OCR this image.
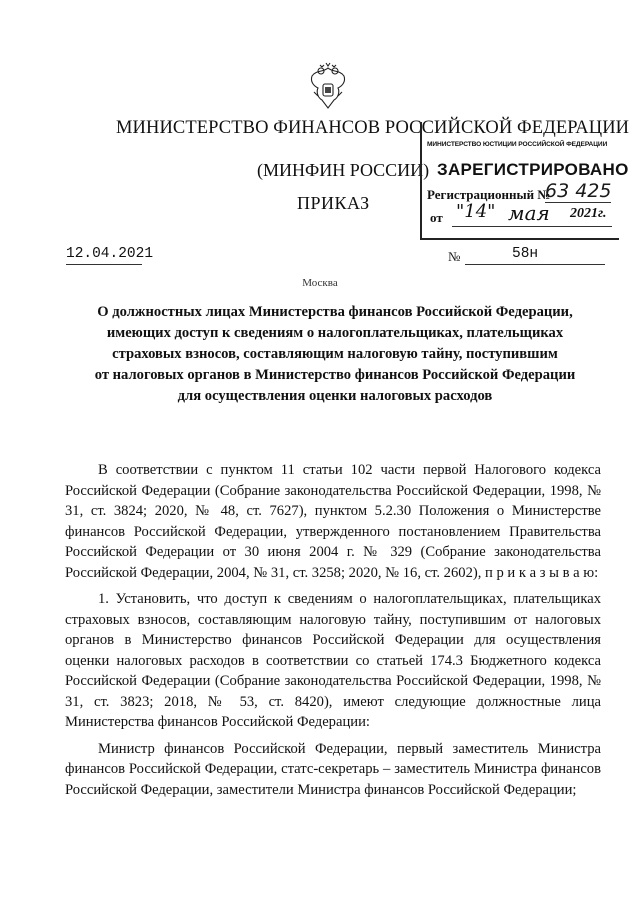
МИНИСТЕРСТВО ФИНАНСОВ РОССИЙСКОЙ ФЕДЕРАЦИИ
(МИНФИН РОССИИ)
ПРИКАЗ
МИНИСТЕРСТВО ЮСТИЦИИ РОССИЙСКОЙ ФЕДЕРАЦИИ
ЗАРЕГИСТРИРОВАНО
Регистрационный №
63 425
от "14" мая 2021г.
12.04.2021	№	58н
Москва
О должностных лицах Министерства финансов Российской Федерации,
имеющих доступ к сведениям о налогоплательщиках, плательщиках
страховых взносов, составляющим налоговую тайну, поступившим
от налоговых органов в Министерство финансов Российской Федерации
для осуществления оценки налоговых расходов

В соответствии с пунктом 11 статьи 102 части первой Налогового кодекса Российской Федерации (Собрание законодательства Российской Федерации, 1998, № 31, ст. 3824; 2020, № 48, ст. 7627), пунктом 5.2.30 Положения о Министерстве финансов Российской Федерации, утвержденного постановлением Правительства Российской Федерации от 30 июня 2004 г. № 329 (Собрание законодательства Российской Федерации, 2004, № 31, ст. 3258; 2020, № 16, ст. 2602), п р и к а з ы в а ю:

1. Установить, что доступ к сведениям о налогоплательщиках, плательщиках страховых взносов, составляющим налоговую тайну, поступившим от налоговых органов в Министерство финансов Российской Федерации для осуществления оценки налоговых расходов в соответствии со статьей 174.3 Бюджетного кодекса Российской Федерации (Собрание законодательства Российской Федерации, 1998, № 31, ст. 3823; 2018, № 53, ст. 8420), имеют следующие должностные лица Министерства финансов Российской Федерации:

Министр финансов Российской Федерации, первый заместитель Министра финансов Российской Федерации, статс-секретарь – заместитель Министра финансов Российской Федерации, заместители Министра финансов Российской Федерации;
